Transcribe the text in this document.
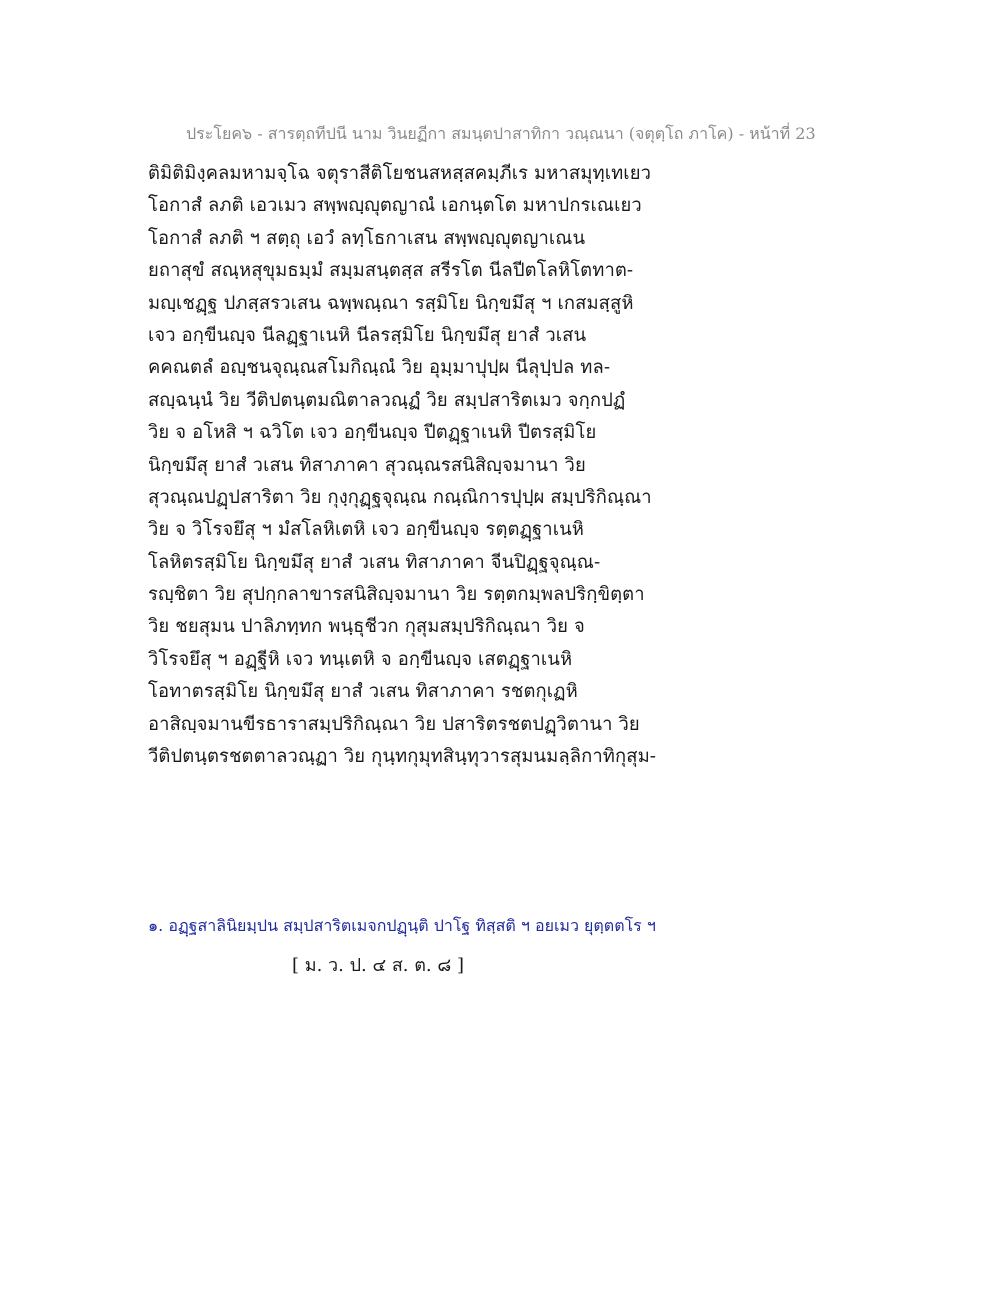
ประโยค๖ - สารตฺถทีปนี นาม วินยฏีกา สมนฺตปาสาทิกา วณฺณนา (จตุตฺโถ ภาโค) - หน้าที่ 23
ติมิติมิงฺคลมหามจฺโฉ จตุราสีติโยชนสหสฺสคมฺภีเร มหาสมุทฺเทเยว
โอกาสํ ลภติ เอวเมว สพฺพญฺญุตญาณํ เอกนฺตโต มหาปกรเณเยว
โอกาสํ ลภติ ฯ สตฺถุ เอวํ ลทฺโธกาเสน สพฺพญฺญุตญาเณน
ยถาสุขํ สณฺหสุขุมธมฺมํ สมฺมสนฺตสฺส สรีรโต นีลปีตโลหิโตทาต-
มญฺเชฏฺฐ ปภสฺสรวเสน ฉพฺพณฺณา รสฺมิโย นิกฺขมึสุ ฯ เกสมสฺสูหิ
เจว อกฺขีนญฺจ นีลฏฺฐาเนหิ นีลรสฺมิโย นิกฺขมึสุ ยาสํ วเสน
คคณตลํ อญฺชนจุณฺณสโมกิณฺณํ วิย อุมฺมาปุปฺผ นีลุปฺปล ทล-
สญฺฉนฺนํ วิย วีติปตนฺตมณิตาลวณฺฏํ วิย สมฺปสาริตเมว จกฺกปฏํ
วิย จ อโหสิ ฯ ฉวิโต เจว อกฺขีนญฺจ ปีตฏฺฐาเนหิ ปีตรสฺมิโย
นิกฺขมึสุ ยาสํ วเสน ทิสาภาคา สุวณฺณรสนิสิญฺจมานา วิย
สุวณฺณปฏฺปสาริตา วิย กุงฺกุฏฺฐจุณฺณ กณฺณิการปุปฺผ สมฺปริกิณฺณา
วิย จ วิโรจยึสุ ฯ มํสโลหิเตหิ เจว อกฺขีนญฺจ รตฺตฏฺฐาเนหิ
โลหิตรสฺมิโย นิกฺขมึสุ ยาสํ วเสน ทิสาภาคา จีนปิฏฺฐจุณฺณ-
รญฺชิตา วิย สุปกฺกลาขารสนิสิญฺจมานา วิย รตฺตกมฺพลปริกฺขิตฺตา
วิย ชยสุมน ปาลิภทฺทก พนฺธุชีวก กุสุมสมฺปริกิณฺณา วิย จ
วิโรจยึสุ ฯ อฏฺฐีหิ เจว ทนฺเตหิ จ อกฺขีนญฺจ เสตฏฺฐาเนหิ
โอทาตรสฺมิโย นิกฺขมึสุ ยาสํ วเสน ทิสาภาคา รชตกุเฏหิ
อาสิญฺจมานขีรธาราสมฺปริกิณฺณา วิย ปสาริตรชตปฏฺวิตานา วิย
วีติปตนฺตรชตตาลวณฺฏา วิย กุนฺทกุมุทสินฺทุวารสุมนมลฺลิกาทิกุสุม-
๑. อฏฺฐสาลินิยมฺปน สมฺปสาริตเมจกปฏฺนฺติ ปาโฐ ทิสฺสติ ฯ อยเมว ยุตฺตตโร ฯ
[ ม. ว. ป. ๔ ส. ต. ๘ ]
